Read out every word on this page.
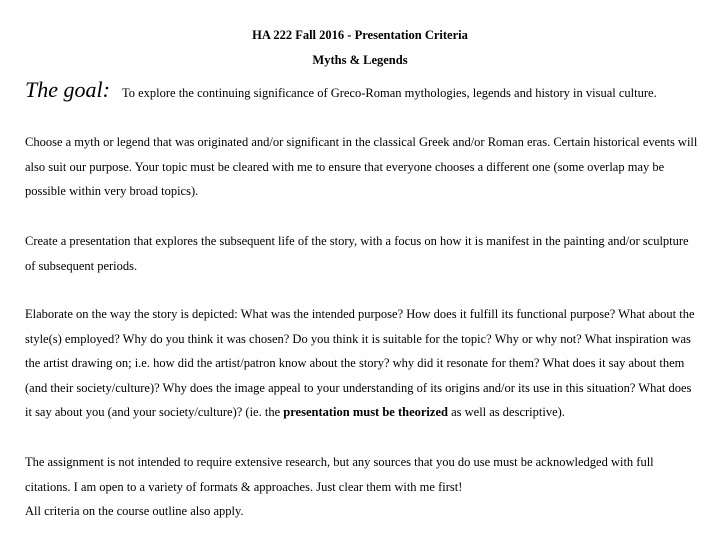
HA 222 Fall 2016 - Presentation Criteria
Myths & Legends
The goal: To explore the continuing significance of Greco-Roman mythologies, legends and history in visual culture.
Choose a myth or legend that was originated and/or significant in the classical Greek and/or Roman eras. Certain historical events will also suit our purpose. Your topic must be cleared with me to ensure that everyone chooses a different one (some overlap may be possible within very broad topics).
Create a presentation that explores the subsequent life of the story, with a focus on how it is manifest in the painting and/or sculpture of subsequent periods.
Elaborate on the way the story is depicted: What was the intended purpose? How does it fulfill its functional purpose? What about the style(s) employed? Why do you think it was chosen? Do you think it is suitable for the topic? Why or why not? What inspiration was the artist drawing on; i.e. how did the artist/patron know about the story? why did it resonate for them? What does it say about them (and their society/culture)? Why does the image appeal to your understanding of its origins and/or its use in this situation? What does it say about you (and your society/culture)? (ie. the presentation must be theorized as well as descriptive).
The assignment is not intended to require extensive research, but any sources that you do use must be acknowledged with full citations. I am open to a variety of formats & approaches. Just clear them with me first!
All criteria on the course outline also apply.
